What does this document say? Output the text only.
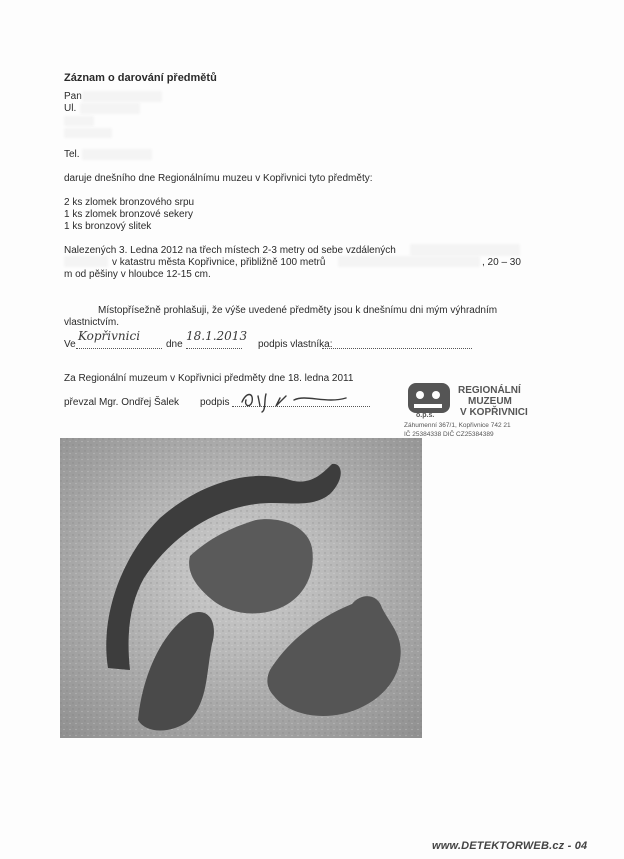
Záznam o darování předmětů
Pan
Ul.
Tel.
daruje dnešního dne Regionálnímu muzeu v Kopřivnici tyto předměty:
2 ks zlomek bronzového srpu
1 ks zlomek bronzové sekery
1 ks bronzový slitek
Nalezených 3. Ledna 2012 na třech místech 2-3 metry od sebe vzdálených
v katastru města Kopřivnice, přibližně 100 metrů	, 20 – 30
m od pěšiny v hloubce 12-15 cm.
Místopřísežně prohlašuji, že výše uvedené předměty jsou k dnešnímu dni mým výhradním
vlastnictvím.
Ve
Kopřivnici
dne
18.1.2013
podpis vlastníka:
Za Regionální muzeum v Kopřivnici předměty dne 18. ledna 2011
převzal Mgr. Ondřej Šalek podpis
o.p.s.
REGIONÁLNÍ
MUZEUM
V KOPŘIVNICI
Záhumenní 367/1, Kopřivnice 742 21
IČ 25384338 DIČ CZ25384389
www.DETEKTORWEB.cz - 04
